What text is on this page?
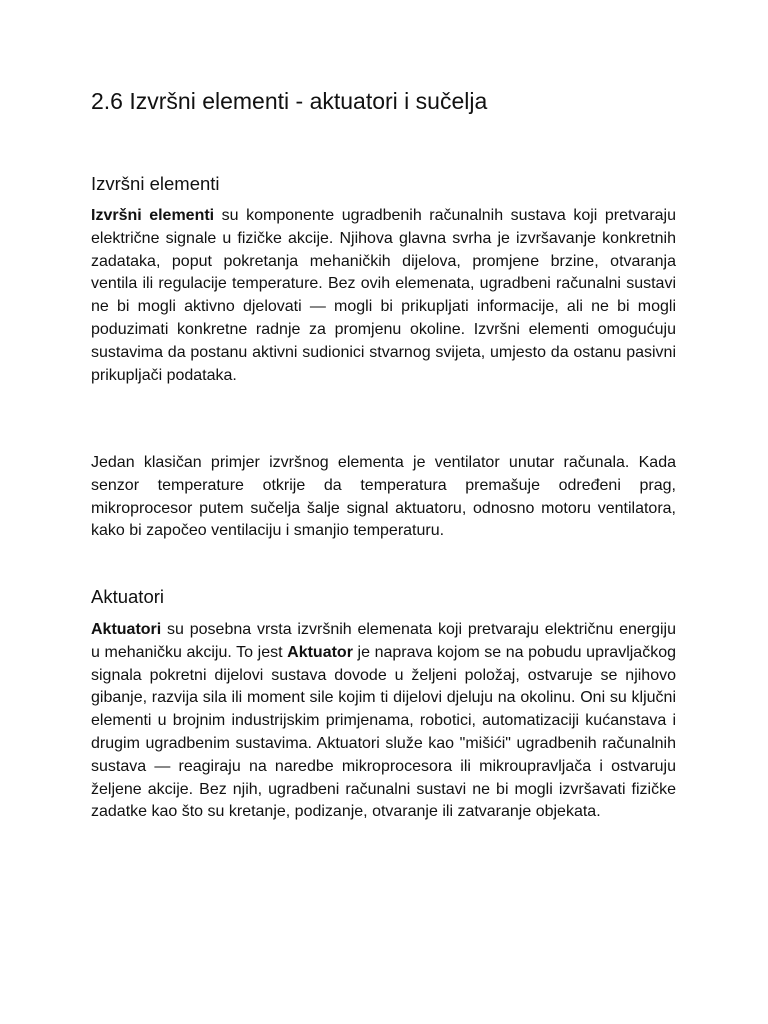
2.6 Izvršni elementi - aktuatori i sučelja
Izvršni elementi

Izvršni elementi su komponente ugradbenih računalnih sustava koji pretvaraju električne signale u fizičke akcije. Njihova glavna svrha je izvršavanje konkretnih zadataka, poput pokretanja mehaničkih dijelova, promjene brzine, otvaranja ventila ili regulacije temperature. Bez ovih elemenata, ugradbeni računalni sustavi ne bi mogli aktivno djelovati — mogli bi prikupljati informacije, ali ne bi mogli poduzimati konkretne radnje za promjenu okoline. Izvršni elementi omogućuju sustavima da postanu aktivni sudionici stvarnog svijeta, umjesto da ostanu pasivni prikupljači podataka.

Jedan klasičan primjer izvršnog elementa je ventilator unutar računala. Kada senzor temperature otkrije da temperatura premašuje određeni prag, mikroprocesor putem sučelja šalje signal aktuatoru, odnosno motoru ventilatora, kako bi započeo ventilaciju i smanjio temperaturu.

Aktuatori

Aktuatori su posebna vrsta izvršnih elemenata koji pretvaraju električnu energiju u mehaničku akciju. To jest Aktuator je naprava kojom se na pobudu upravljačkog signala pokretni dijelovi sustava dovode u željeni položaj, ostvaruje se njihovo gibanje, razvija sila ili moment sile kojim ti dijelovi djeluju na okolinu. Oni su ključni elementi u brojnim industrijskim primjenama, robotici, automatizaciji kućanstava i drugim ugradbenim sustavima. Aktuatori služe kao "mišići" ugradbenih računalnih sustava — reagiraju na naredbe mikroprocesora ili mikroupravljača i ostvaruju željene akcije. Bez njih, ugradbeni računalni sustavi ne bi mogli izvršavati fizičke zadatke kao što su kretanje, podizanje, otvaranje ili zatvaranje objekata.
